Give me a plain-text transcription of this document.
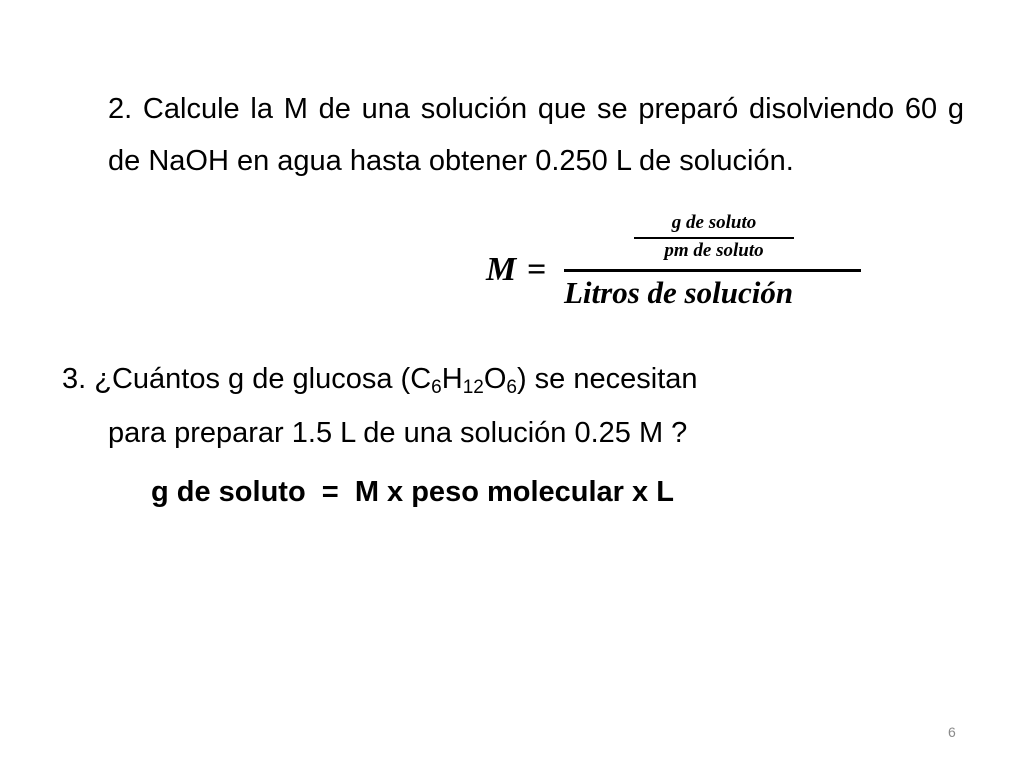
2. Calcule la M de una solución que se preparó disolviendo 60 g de NaOH en agua hasta obtener 0.250 L de solución.
M =
g de soluto
pm de soluto
Litros de solución
3. ¿Cuántos g de glucosa $(C_6H_{12}O_6)$ se necesitan
para preparar 1.5 L de una solución 0.25 M ?
g de soluto  =  M x peso molecular x L
6
